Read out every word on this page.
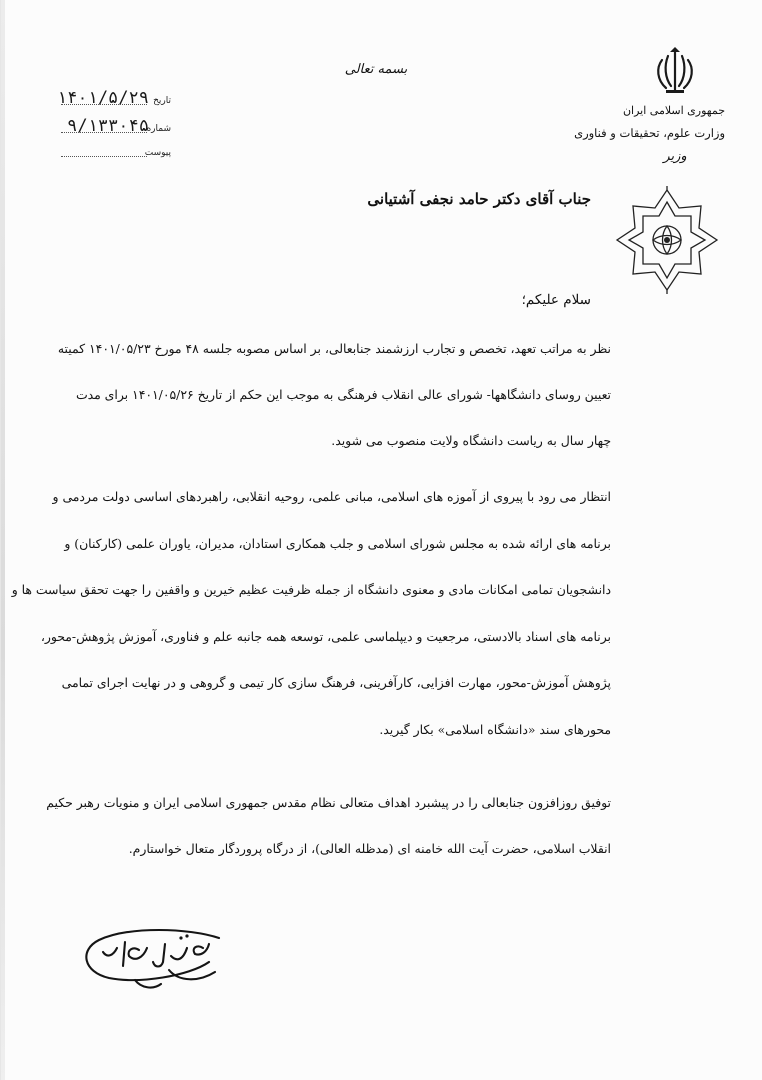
جمهوری اسلامی ایران
وزارت علوم، تحقیقات و فناوری
وزیر
بسمه تعالی
تاریخ
۱۴۰۱/۵/۲۹
شماره
۹/۱۳۳۰۴۵
پیوست
جناب آقای دکتر حامد نجفی آشتیانی
سلام علیکم؛
نظر به مراتب تعهد، تخصص و تجارب ارزشمند جنابعالی، بر اساس مصوبه جلسه ۴۸ مورخ ۱۴۰۱/۰۵/۲۳ کمیته
تعیین روسای دانشگاهها- شورای عالی انقلاب فرهنگی به موجب این حکم از تاریخ ۱۴۰۱/۰۵/۲۶ برای مدت
چهار سال به ریاست دانشگاه ولایت منصوب می شوید.
انتظار می رود با پیروی از آموزه های اسلامی، مبانی علمی، روحیه انقلابی، راهبردهای اساسی دولت مردمی و
برنامه های ارائه شده به مجلس شورای اسلامی و جلب همکاری استادان، مدیران، یاوران علمی (کارکنان) و
دانشجویان تمامی امکانات مادی و معنوی دانشگاه از جمله ظرفیت عظیم خیرین و واقفین را جهت تحقق سیاست ها و
برنامه های اسناد بالادستی، مرجعیت و دیپلماسی علمی، توسعه همه جانبه علم و فناوری، آموزش پژوهش-محور،
پژوهش آموزش-محور، مهارت افزایی، کارآفرینی، فرهنگ سازی کار تیمی و گروهی و در نهایت اجرای تمامی
محورهای سند «دانشگاه اسلامی» بکار گیرید.
توفیق روزافزون جنابعالی را در پیشبرد اهداف متعالی نظام مقدس جمهوری اسلامی ایران و منویات رهبر حکیم
انقلاب اسلامی، حضرت آیت الله خامنه ای (مدظله العالی)، از درگاه پروردگار متعال خواستارم.
